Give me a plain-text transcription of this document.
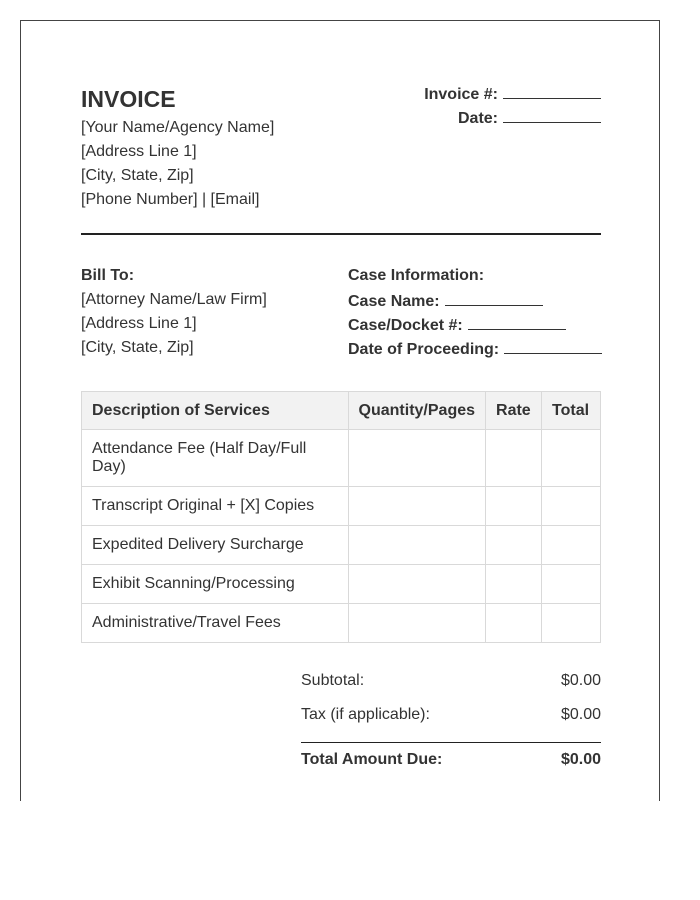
INVOICE
[Your Name/Agency Name]
[Address Line 1]
[City, State, Zip]
[Phone Number] | [Email]
Invoice #:
Date:
Bill To:
[Attorney Name/Law Firm]
[Address Line 1]
[City, State, Zip]
Case Information:
Case Name:
Case/Docket #:
Date of Proceeding:
Description of Services	Quantity/Pages	Rate	Total
Attendance Fee (Half Day/Full Day)			
Transcript Original + [X] Copies			
Expedited Delivery Surcharge			
Exhibit Scanning/Processing			
Administrative/Travel Fees			
Subtotal:	$0.00
Tax (if applicable):	$0.00
Total Amount Due:	$0.00
